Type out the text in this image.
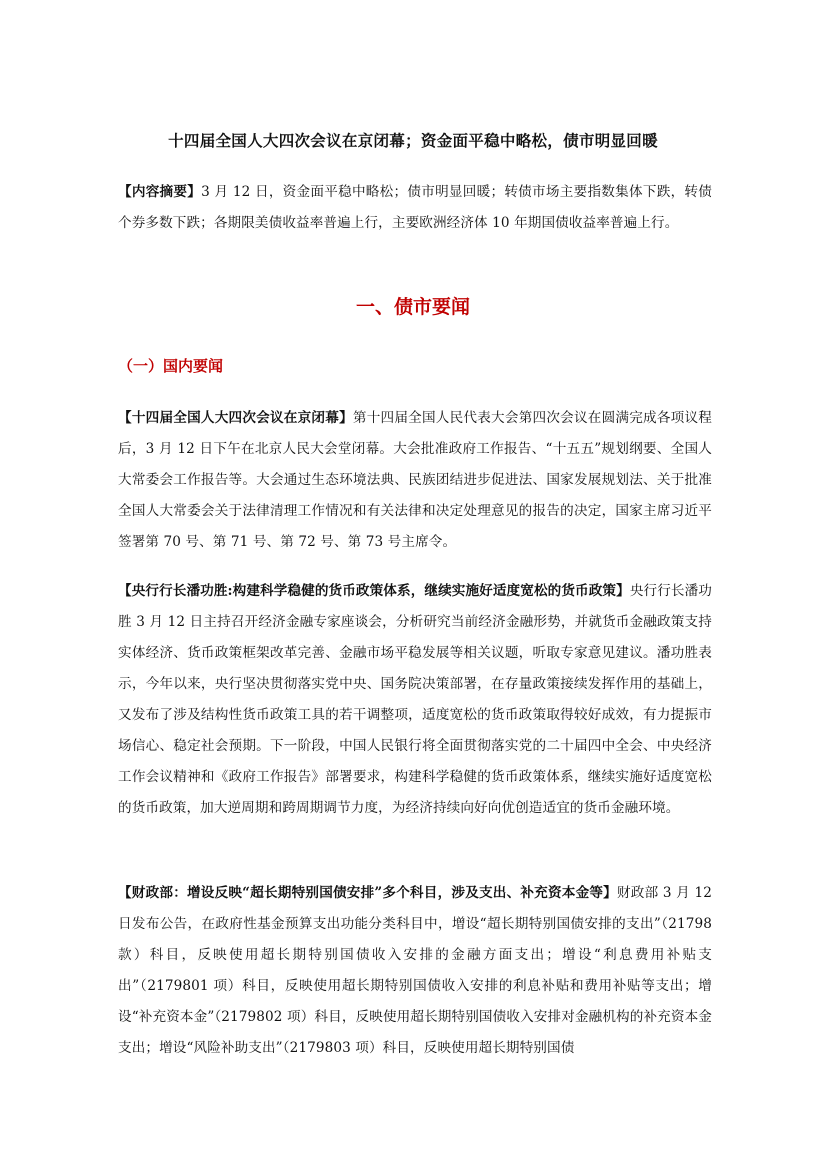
十四届全国人大四次会议在京闭幕；资金面平稳中略松，债市明显回暖

【内容摘要】3 月 12 日，资金面平稳中略松；债市明显回暖；转债市场主要指数集体下跌，转债个券多数下跌；各期限美债收益率普遍上行，主要欧洲经济体 10 年期国债收益率普遍上行。

一、债市要闻
（一）国内要闻

【十四届全国人大四次会议在京闭幕】第十四届全国人民代表大会第四次会议在圆满完成各项议程后，3 月 12 日下午在北京人民大会堂闭幕。大会批准政府工作报告、“十五五”规划纲要、全国人大常委会工作报告等。大会通过生态环境法典、民族团结进步促进法、国家发展规划法、关于批准全国人大常委会关于法律清理工作情况和有关法律和决定处理意见的报告的决定，国家主席习近平签署第 70 号、第 71 号、第 72 号、第 73 号主席令。

【央行行长潘功胜:构建科学稳健的货币政策体系，继续实施好适度宽松的货币政策】央行行长潘功胜 3 月 12 日主持召开经济金融专家座谈会，分析研究当前经济金融形势，并就货币金融政策支持实体经济、货币政策框架改革完善、金融市场平稳发展等相关议题，听取专家意见建议。潘功胜表示，今年以来，央行坚决贯彻落实党中央、国务院决策部署，在存量政策接续发挥作用的基础上，又发布了涉及结构性货币政策工具的若干调整项，适度宽松的货币政策取得较好成效，有力提振市场信心、稳定社会预期。下一阶段，中国人民银行将全面贯彻落实党的二十届四中全会、中央经济工作会议精神和《政府工作报告》部署要求，构建科学稳健的货币政策体系，继续实施好适度宽松的货币政策，加大逆周期和跨周期调节力度，为经济持续向好向优创造适宜的货币金融环境。

【财政部：增设反映“超长期特别国债安排”多个科目，涉及支出、补充资本金等】财政部 3 月 12 日发布公告，在政府性基金预算支出功能分类科目中，增设“超长期特别国债安排的支出”（21798 款）科目，反映使用超长期特别国债收入安排的金融方面支出；增设“利息费用补贴支出”（2179801 项）科目，反映使用超长期特别国债收入安排的利息补贴和费用补贴等支出；增设“补充资本金”（2179802 项）科目，反映使用超长期特别国债收入安排对金融机构的补充资本金支出；增设“风险补助支出”（2179803 项）科目，反映使用超长期特别国债
